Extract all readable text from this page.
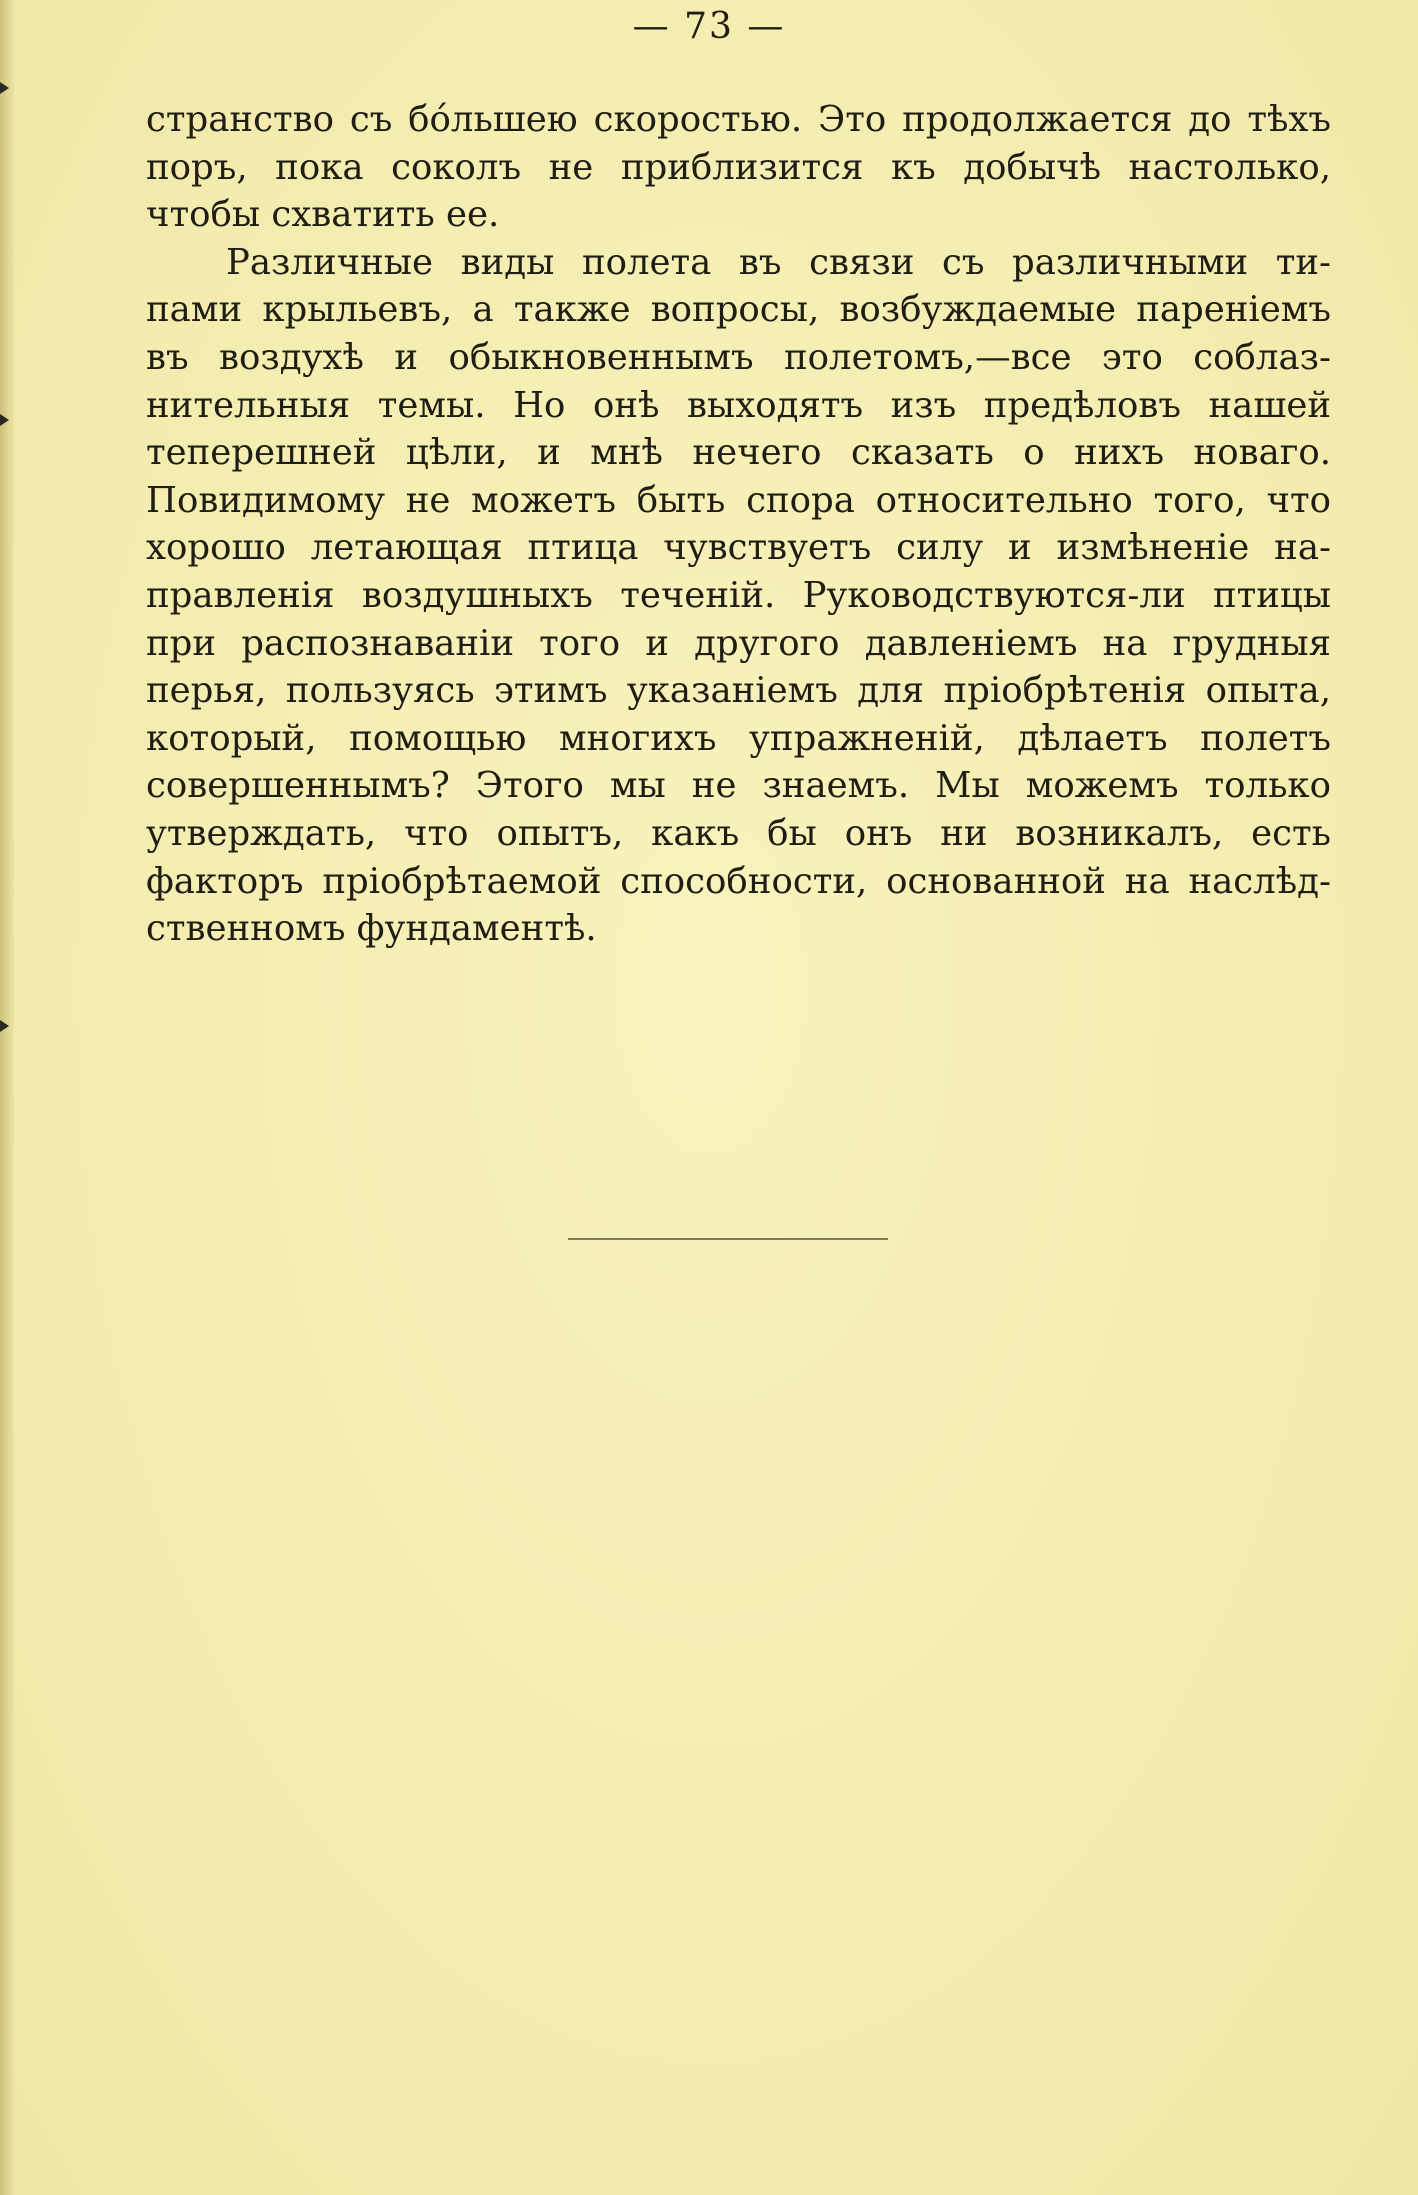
— 73 —
странство съ бо́льшею скоростью. Это продолжается до тѣхъ
поръ, пока соколъ не приблизится къ добычѣ настолько,
чтобы схватить ее.
Различные виды полета въ связи съ различными ти-
пами крыльевъ, а также вопросы, возбуждаемые пареніемъ
въ воздухѣ и обыкновеннымъ полетомъ,—все это соблаз-
нительныя темы. Но онѣ выходятъ изъ предѣловъ нашей
теперешней цѣли, и мнѣ нечего сказать о нихъ новаго.
Повидимому не можетъ быть спора относительно того, что
хорошо летающая птица чувствуетъ силу и измѣненіе на-
правленія воздушныхъ теченій. Руководствуются-ли птицы
при распознаваніи того и другого давленіемъ на грудныя
перья, пользуясь этимъ указаніемъ для пріобрѣтенія опыта,
который, помощью многихъ упражненій, дѣлаетъ полетъ
совершеннымъ? Этого мы не знаемъ. Мы можемъ только
утверждать, что опытъ, какъ бы онъ ни возникалъ, есть
факторъ пріобрѣтаемой способности, основанной на наслѣд-
ственномъ фундаментѣ.
